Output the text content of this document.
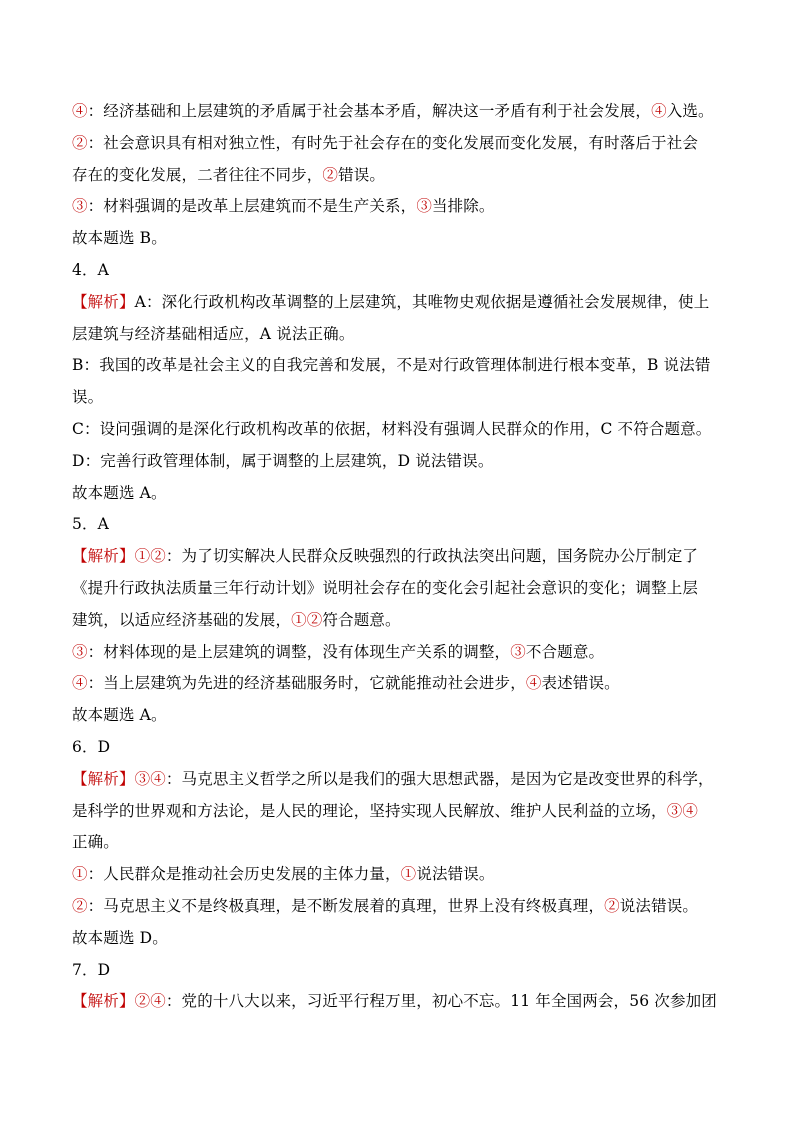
④：经济基础和上层建筑的矛盾属于社会基本矛盾，解决这一矛盾有利于社会发展，④入选。
②：社会意识具有相对独立性，有时先于社会存在的变化发展而变化发展，有时落后于社会
存在的变化发展，二者往往不同步，②错误。
③：材料强调的是改革上层建筑而不是生产关系，③当排除。
故本题选 B。
4．A
【解析】A：深化行政机构改革调整的上层建筑，其唯物史观依据是遵循社会发展规律，使上
层建筑与经济基础相适应，A 说法正确。
B：我国的改革是社会主义的自我完善和发展，不是对行政管理体制进行根本变革，B 说法错
误。
C：设问强调的是深化行政机构改革的依据，材料没有强调人民群众的作用，C 不符合题意。
D：完善行政管理体制，属于调整的上层建筑，D 说法错误。
故本题选 A。
5．A
【解析】①②：为了切实解决人民群众反映强烈的行政执法突出问题，国务院办公厅制定了
《提升行政执法质量三年行动计划》说明社会存在的变化会引起社会意识的变化；调整上层
建筑，以适应经济基础的发展，①②符合题意。
③：材料体现的是上层建筑的调整，没有体现生产关系的调整，③不合题意。
④：当上层建筑为先进的经济基础服务时，它就能推动社会进步，④表述错误。
故本题选 A。
6．D
【解析】③④：马克思主义哲学之所以是我们的强大思想武器，是因为它是改变世界的科学，
是科学的世界观和方法论，是人民的理论，坚持实现人民解放、维护人民利益的立场，③④
正确。
①：人民群众是推动社会历史发展的主体力量，①说法错误。
②：马克思主义不是终极真理，是不断发展着的真理，世界上没有终极真理，②说法错误。
故本题选 D。
7．D
【解析】②④：党的十八大以来，习近平行程万里，初心不忘。11 年全国两会，56 次参加团
